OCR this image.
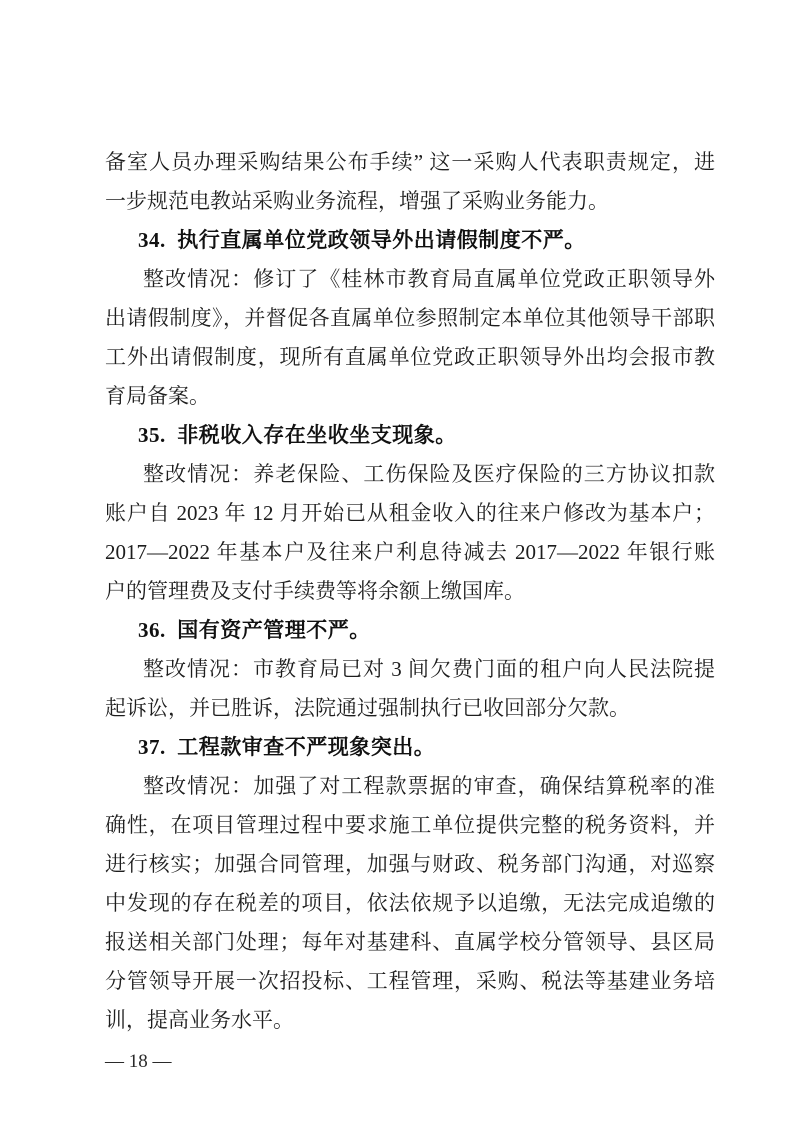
备室人员办理采购结果公布手续” 这一采购人代表职责规定，进
一步规范电教站采购业务流程，增强了采购业务能力。
34.  执行直属单位党政领导外出请假制度不严。
整改情况：修订了《桂林市教育局直属单位党政正职领导外
出请假制度》，并督促各直属单位参照制定本单位其他领导干部职
工外出请假制度，现所有直属单位党政正职领导外出均会报市教
育局备案。
35.  非税收入存在坐收坐支现象。
整改情况：养老保险、工伤保险及医疗保险的三方协议扣款
账户自 2023 年 12 月开始已从租金收入的往来户修改为基本户；
2017—2022 年基本户及往来户利息待减去 2017—2022 年银行账
户的管理费及支付手续费等将余额上缴国库。
36.  国有资产管理不严。
整改情况：市教育局已对 3 间欠费门面的租户向人民法院提
起诉讼，并已胜诉，法院通过强制执行已收回部分欠款。
37.  工程款审查不严现象突出。
整改情况：加强了对工程款票据的审查，确保结算税率的准
确性，在项目管理过程中要求施工单位提供完整的税务资料，并
进行核实；加强合同管理，加强与财政、税务部门沟通，对巡察
中发现的存在税差的项目，依法依规予以追缴，无法完成追缴的
报送相关部门处理；每年对基建科、直属学校分管领导、县区局
分管领导开展一次招投标、工程管理，采购、税法等基建业务培
训，提高业务水平。
— 18 —
